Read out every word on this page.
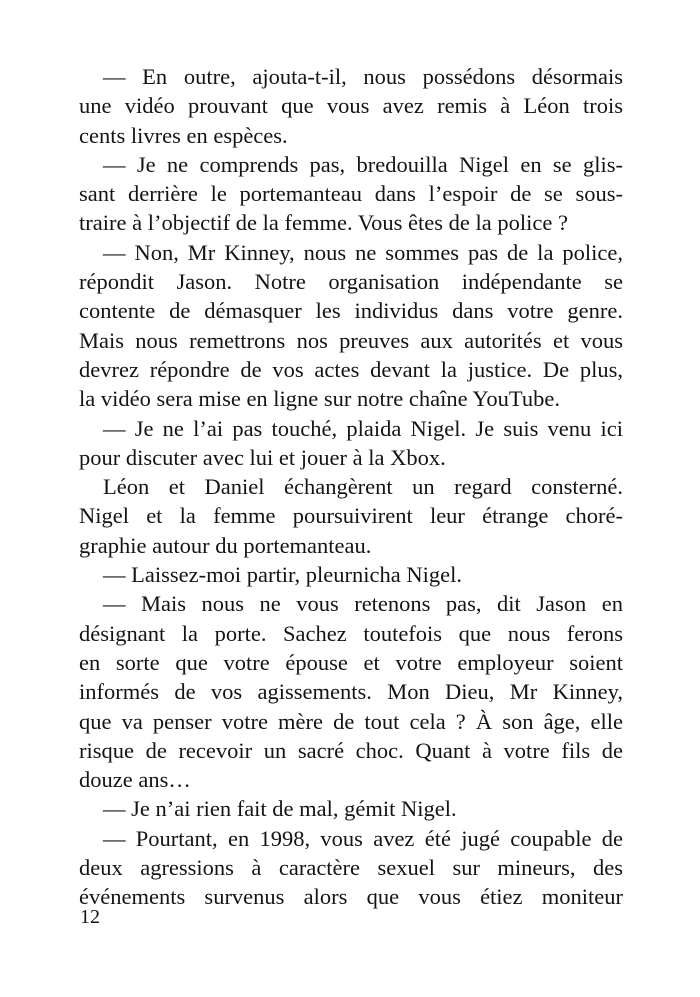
— En outre, ajouta-t-il, nous possédons désormais
une vidéo prouvant que vous avez remis à Léon trois
cents livres en espèces.
— Je ne comprends pas, bredouilla Nigel en se glis-
sant derrière le portemanteau dans l’espoir de se sous-
traire à l’objectif de la femme. Vous êtes de la police ?
— Non, Mr Kinney, nous ne sommes pas de la police,
répondit Jason. Notre organisation indépendante se
contente de démasquer les individus dans votre genre.
Mais nous remettrons nos preuves aux autorités et vous
devrez répondre de vos actes devant la justice. De plus,
la vidéo sera mise en ligne sur notre chaîne YouTube.
— Je ne l’ai pas touché, plaida Nigel. Je suis venu ici
pour discuter avec lui et jouer à la Xbox.
Léon et Daniel échangèrent un regard consterné.
Nigel et la femme poursuivirent leur étrange choré-
graphie autour du portemanteau.
— Laissez-moi partir, pleurnicha Nigel.
— Mais nous ne vous retenons pas, dit Jason en
désignant la porte. Sachez toutefois que nous ferons
en sorte que votre épouse et votre employeur soient
informés de vos agissements. Mon Dieu, Mr Kinney,
que va penser votre mère de tout cela ? À son âge, elle
risque de recevoir un sacré choc. Quant à votre fils de
douze ans…
— Je n’ai rien fait de mal, gémit Nigel.
— Pourtant, en 1998, vous avez été jugé coupable de
deux agressions à caractère sexuel sur mineurs, des
événements survenus alors que vous étiez moniteur
12
